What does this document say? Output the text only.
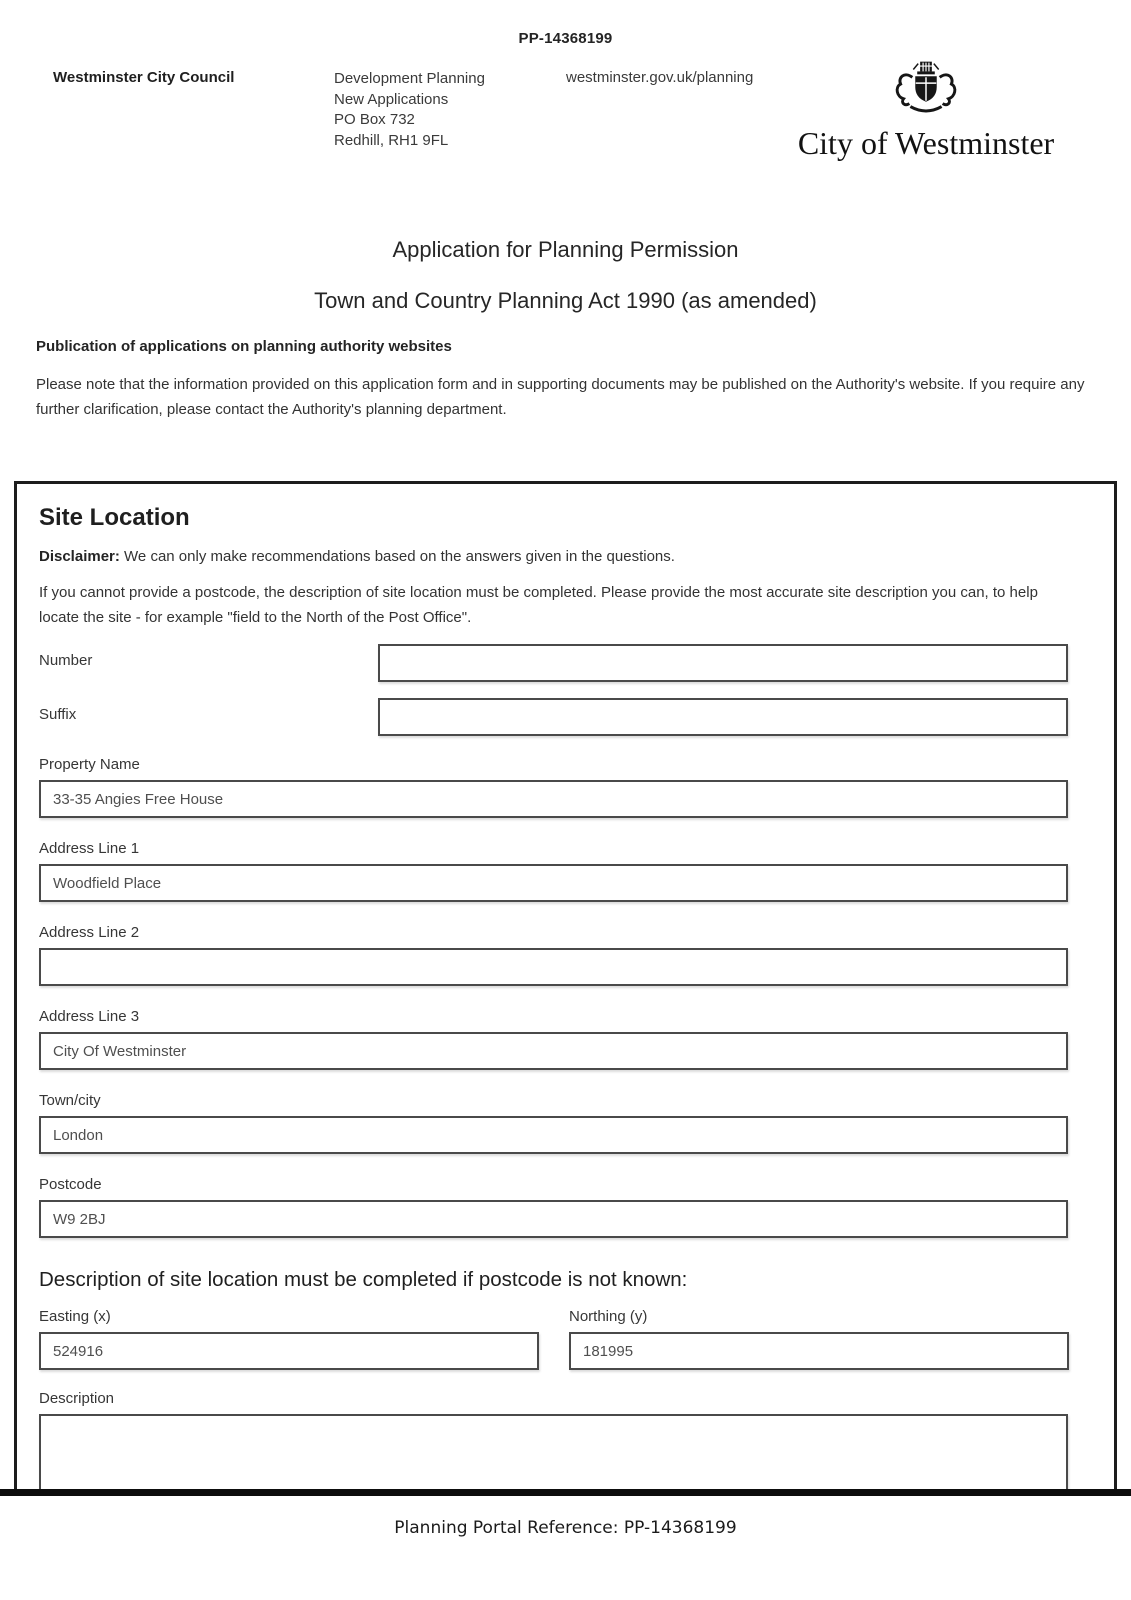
PP-14368199
Westminster City Council	Development Planning
New Applications
PO Box 732
Redhill, RH1 9FL
westminster.gov.uk/planning
City of Westminster
Application for Planning Permission
Town and Country Planning Act 1990 (as amended)
Publication of applications on planning authority websites

Please note that the information provided on this application form and in supporting documents may be published on the Authority's website. If you require any further clarification, please contact the Authority's planning department.

Site Location

Disclaimer: We can only make recommendations based on the answers given in the questions.

If you cannot provide a postcode, the description of site location must be completed. Please provide the most accurate site description you can, to help locate the site - for example "field to the North of the Post Office".

Number
Suffix
Property Name
33-35 Angies Free House
Address Line 1
Woodfield Place
Address Line 2
Address Line 3
City Of Westminster
Town/city
London
Postcode
W9 2BJ
Description of site location must be completed if postcode is not known:
Easting (x)
524916	Northing (y)
181995
Description
Planning Portal Reference: PP-14368199
